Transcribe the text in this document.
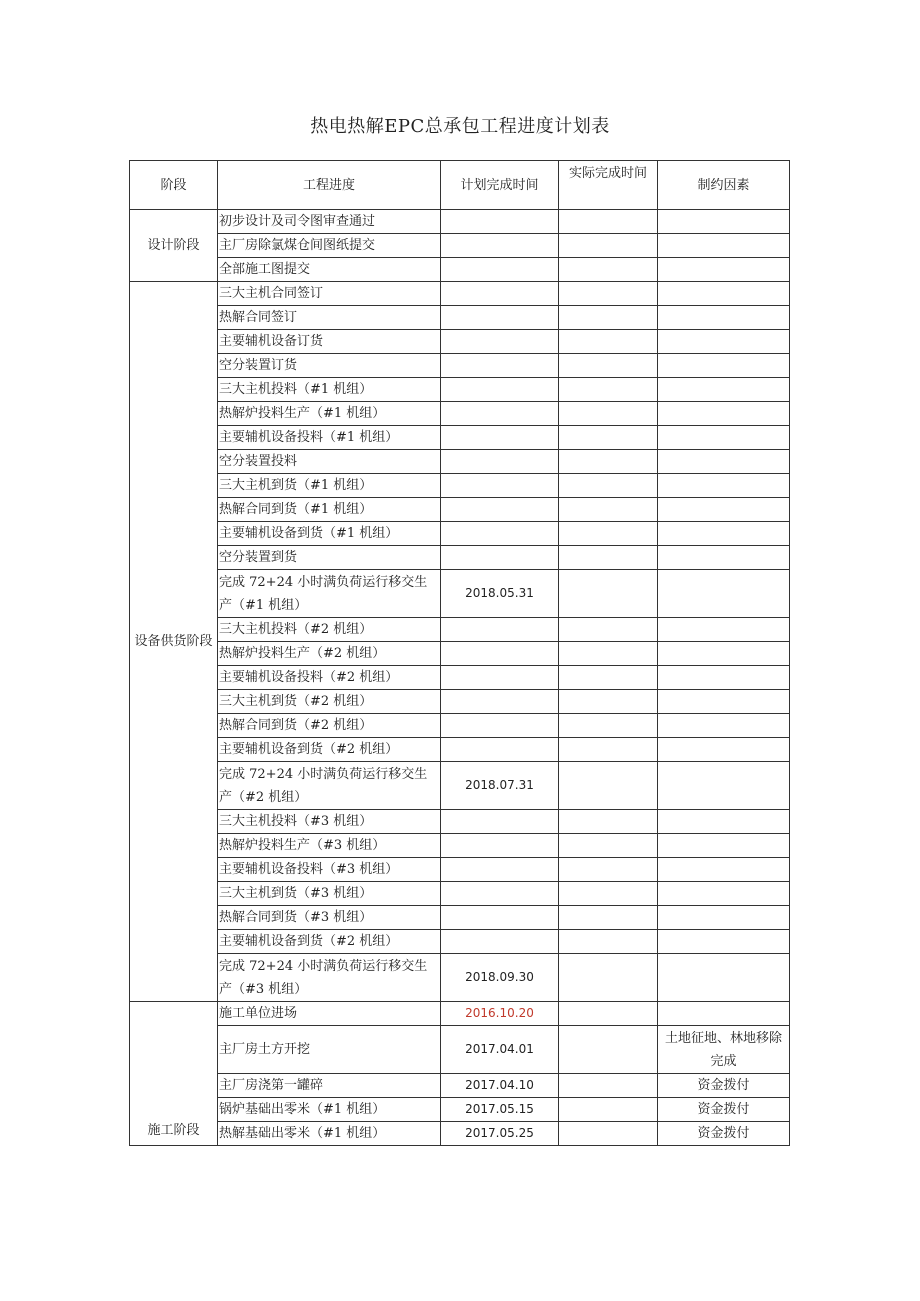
热电热解EPC总承包工程进度计划表
阶段	工程进度	计划完成时间	实际完成时间	制约因素
设计阶段	初步设计及司令图审查通过			
	主厂房除氯煤仓间图纸提交			
	全部施工图提交			
设备供货阶段	三大主机合同签订			
	热解合同签订			
	主要辅机设备订货			
	空分装置订货			
	三大主机投料（#1 机组）			
	热解炉投料生产（#1 机组）			
	主要辅机设备投料（#1 机组）			
	空分装置投料			
	三大主机到货（#1 机组）			
	热解合同到货（#1 机组）			
	主要辅机设备到货（#1 机组）			
	空分装置到货			
	完成 72+24 小时满负荷运行移交生产（#1 机组）	2018.05.31		
	三大主机投料（#2 机组）			
	热解炉投料生产（#2 机组）			
	主要辅机设备投料（#2 机组）			
	三大主机到货（#2 机组）			
	热解合同到货（#2 机组）			
	主要辅机设备到货（#2 机组）			
	完成 72+24 小时满负荷运行移交生产（#2 机组）	2018.07.31		
	三大主机投料（#3 机组）			
	热解炉投料生产（#3 机组）			
	主要辅机设备投料（#3 机组）			
	三大主机到货（#3 机组）			
	热解合同到货（#3 机组）			
	主要辅机设备到货（#2 机组）			
	完成 72+24 小时满负荷运行移交生产（#3 机组）	2018.09.30		
施工阶段	施工单位进场	2016.10.20		
	主厂房土方开挖	2017.04.01		土地征地、林地移除完成
	主厂房浇第一罐碎	2017.04.10		资金拨付
	锅炉基础出零米（#1 机组）	2017.05.15		资金拨付
	热解基础出零米（#1 机组）	2017.05.25		资金拨付
